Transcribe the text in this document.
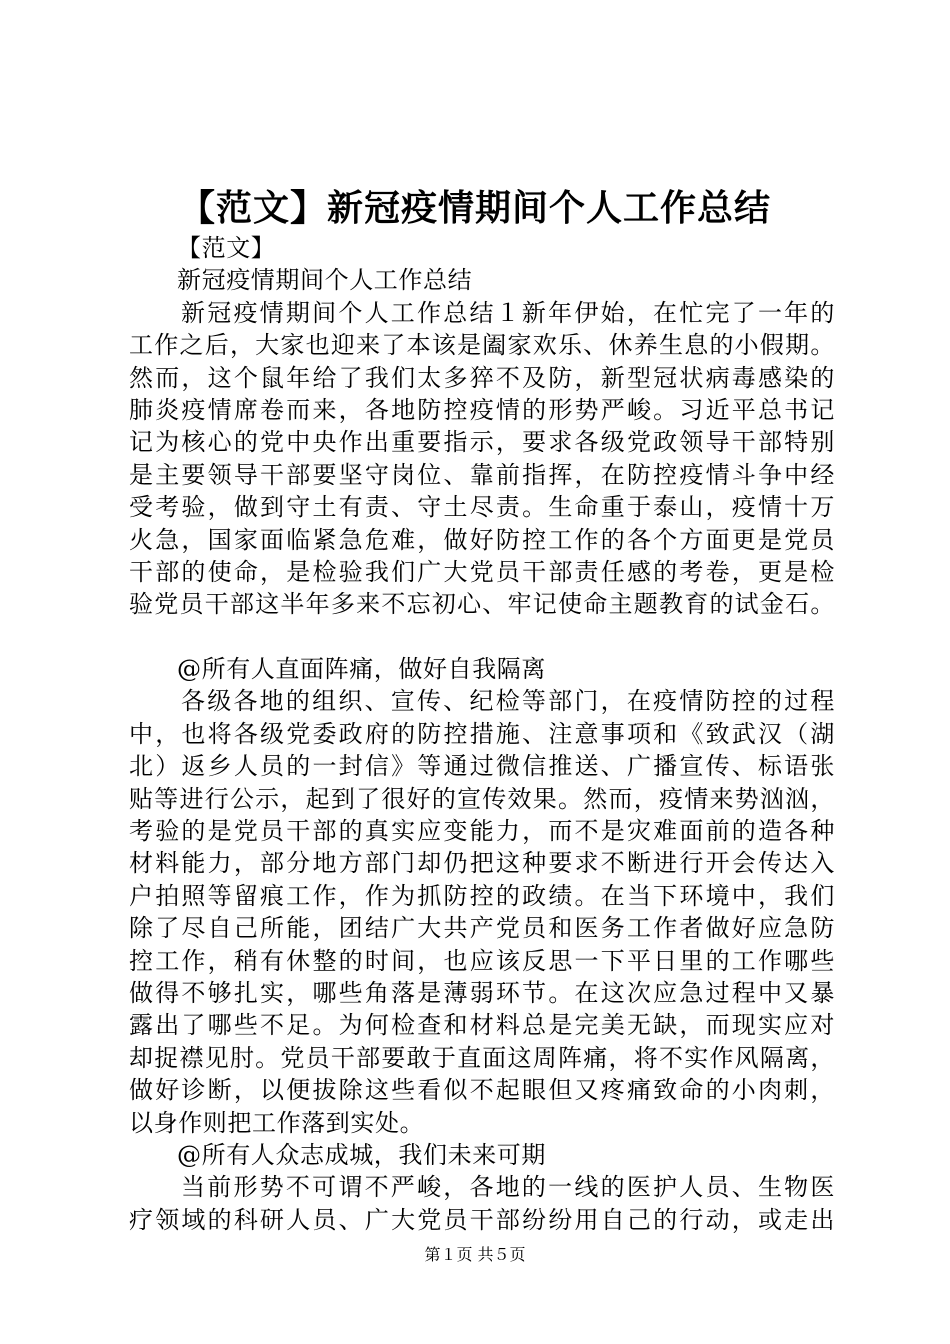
【范文】新冠疫情期间个人工作总结
【范文】
新冠疫情期间个人工作总结
新冠疫情期间个人工作总结１新年伊始，在忙完了一年的
工作之后，大家也迎来了本该是阖家欢乐、休养生息的小假期。
然而，这个鼠年给了我们太多猝不及防，新型冠状病毒感染的
肺炎疫情席卷而来，各地防控疫情的形势严峻。习近平总书记
记为核心的党中央作出重要指示，要求各级党政领导干部特别
是主要领导干部要坚守岗位、靠前指挥，在防控疫情斗争中经
受考验，做到守土有责、守土尽责。生命重于泰山，疫情十万
火急，国家面临紧急危难，做好防控工作的各个方面更是党员
干部的使命，是检验我们广大党员干部责任感的考卷，更是检
验党员干部这半年多来不忘初心、牢记使命主题教育的试金石。
@所有人直面阵痛，做好自我隔离
各级各地的组织、宣传、纪检等部门，在疫情防控的过程
中，也将各级党委政府的防控措施、注意事项和《致武汉（湖
北）返乡人员的一封信》等通过微信推送、广播宣传、标语张
贴等进行公示，起到了很好的宣传效果。然而，疫情来势汹汹，
考验的是党员干部的真实应变能力，而不是灾难面前的造各种
材料能力，部分地方部门却仍把这种要求不断进行开会传达入
户拍照等留痕工作，作为抓防控的政绩。在当下环境中，我们
除了尽自己所能，团结广大共产党员和医务工作者做好应急防
控工作，稍有休整的时间，也应该反思一下平日里的工作哪些
做得不够扎实，哪些角落是薄弱环节。在这次应急过程中又暴
露出了哪些不足。为何检查和材料总是完美无缺，而现实应对
却捉襟见肘。党员干部要敢于直面这周阵痛，将不实作风隔离，
做好诊断，以便拔除这些看似不起眼但又疼痛致命的小肉刺，
以身作则把工作落到实处。
@所有人众志成城，我们未来可期
当前形势不可谓不严峻，各地的一线的医护人员、生物医
疗领域的科研人员、广大党员干部纷纷用自己的行动，或走出
第１页 共５页
